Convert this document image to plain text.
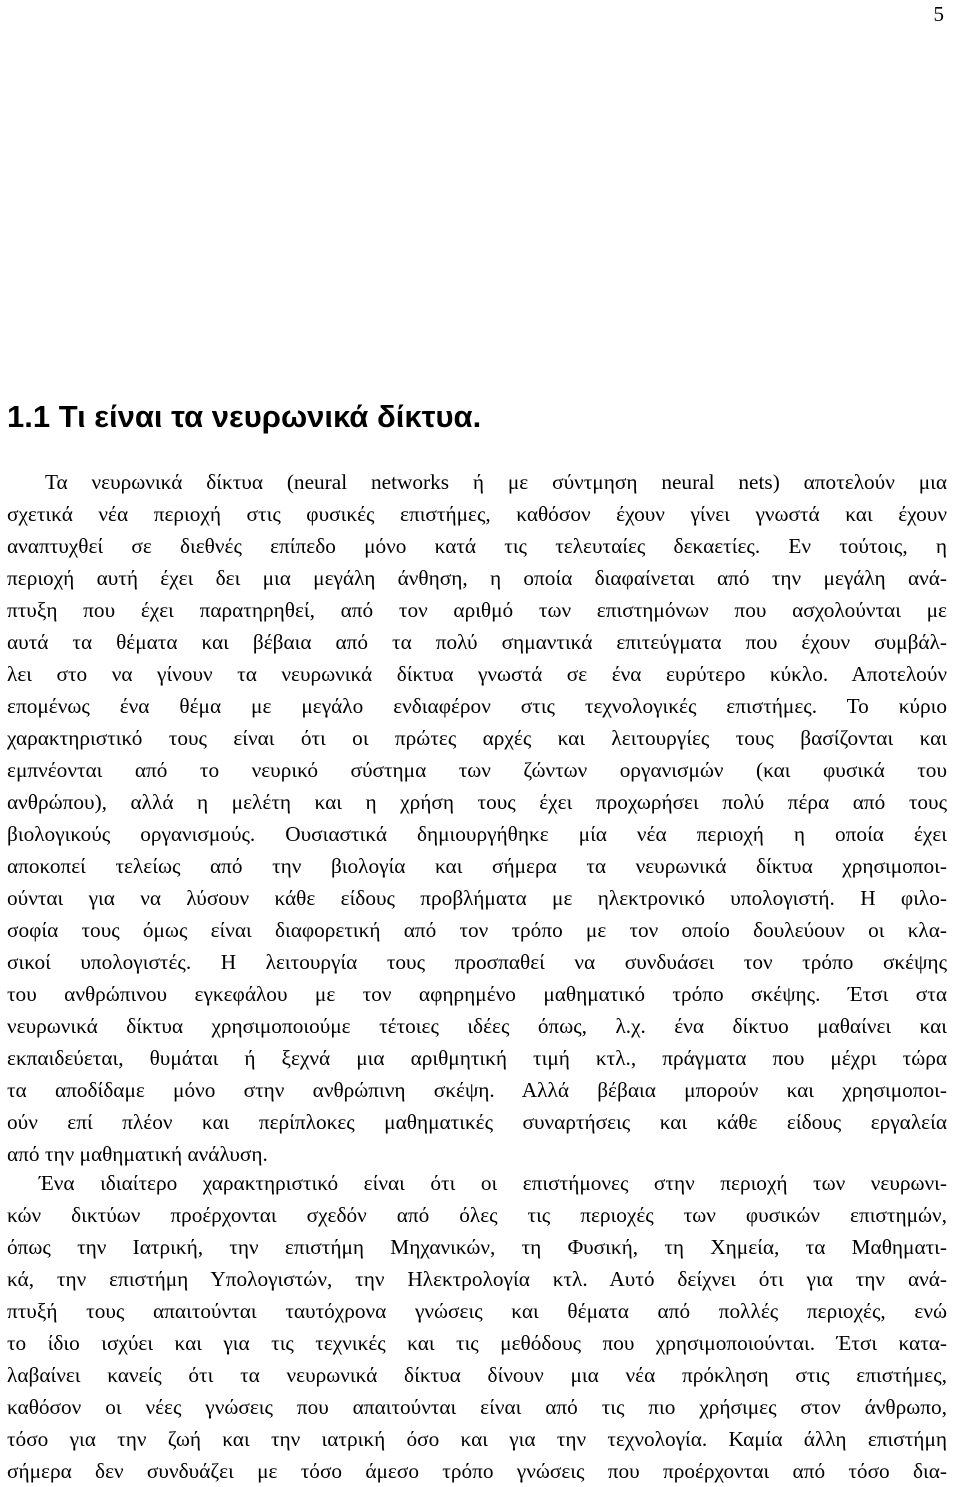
5
1.1 Τι είναι τα νευρωνικά δίκτυα.
Τα νευρωνικά δίκτυα (neural networks ή με σύντμηση neural nets) αποτελούν μια
σχετικά νέα περιοχή στις φυσικές επιστήμες, καθόσον έχουν γίνει γνωστά και έχουν
αναπτυχθεί σε διεθνές επίπεδο μόνο κατά τις τελευταίες δεκαετίες. Εν τούτοις, η
περιοχή αυτή έχει δει μια μεγάλη άνθηση, η οποία διαφαίνεται από την μεγάλη ανά-
πτυξη που έχει παρατηρηθεί, από τον αριθμό των επιστημόνων που ασχολούνται με
αυτά τα θέματα και βέβαια από τα πολύ σημαντικά επιτεύγματα που έχουν συμβάλ-
λει στο να γίνουν τα νευρωνικά δίκτυα γνωστά σε ένα ευρύτερο κύκλο. Αποτελούν
επομένως ένα θέμα με μεγάλο ενδιαφέρον στις τεχνολογικές επιστήμες. Το κύριο
χαρακτηριστικό τους είναι ότι οι πρώτες αρχές και λειτουργίες τους βασίζονται και
εμπνέονται από το νευρικό σύστημα των ζώντων οργανισμών (και φυσικά του
ανθρώπου), αλλά η μελέτη και η χρήση τους έχει προχωρήσει πολύ πέρα από τους
βιολογικούς οργανισμούς. Ουσιαστικά δημιουργήθηκε μία νέα περιοχή η οποία έχει
αποκοπεί τελείως από την βιολογία και σήμερα τα νευρωνικά δίκτυα χρησιμοποι-
ούνται για να λύσουν κάθε είδους προβλήματα με ηλεκτρονικό υπολογιστή. Η φιλο-
σοφία τους όμως είναι διαφορετική από τον τρόπο με τον οποίο δουλεύουν οι κλα-
σικοί υπολογιστές. Η λειτουργία τους προσπαθεί να συνδυάσει τον τρόπο σκέψης
του ανθρώπινου εγκεφάλου με τον αφηρημένο μαθηματικό τρόπο σκέψης. Έτσι στα
νευρωνικά δίκτυα χρησιμοποιούμε τέτοιες ιδέες όπως, λ.χ. ένα δίκτυο μαθαίνει και
εκπαιδεύεται, θυμάται ή ξεχνά μια αριθμητική τιμή κτλ., πράγματα που μέχρι τώρα
τα αποδίδαμε μόνο στην ανθρώπινη σκέψη. Αλλά βέβαια μπορούν και χρησιμοποι-
ούν επί πλέον και περίπλοκες μαθηματικές συναρτήσεις και κάθε είδους εργαλεία
από την μαθηματική ανάλυση.
Ένα ιδιαίτερο χαρακτηριστικό είναι ότι οι επιστήμονες στην περιοχή των νευρωνι-
κών δικτύων προέρχονται σχεδόν από όλες τις περιοχές των φυσικών επιστημών,
όπως την Ιατρική, την επιστήμη Μηχανικών, τη Φυσική, τη Χημεία, τα Μαθηματι-
κά, την επιστήμη Υπολογιστών, την Ηλεκτρολογία κτλ. Αυτό δείχνει ότι για την ανά-
πτυξή τους απαιτούνται ταυτόχρονα γνώσεις και θέματα από πολλές περιοχές, ενώ
το ίδιο ισχύει και για τις τεχνικές και τις μεθόδους που χρησιμοποιούνται. Έτσι κατα-
λαβαίνει κανείς ότι τα νευρωνικά δίκτυα δίνουν μια νέα πρόκληση στις επιστήμες,
καθόσον οι νέες γνώσεις που απαιτούνται είναι από τις πιο χρήσιμες στον άνθρωπο,
τόσο για την ζωή και την ιατρική όσο και για την τεχνολογία. Καμία άλλη επιστήμη
σήμερα δεν συνδυάζει με τόσο άμεσο τρόπο γνώσεις που προέρχονται από τόσο δια-
